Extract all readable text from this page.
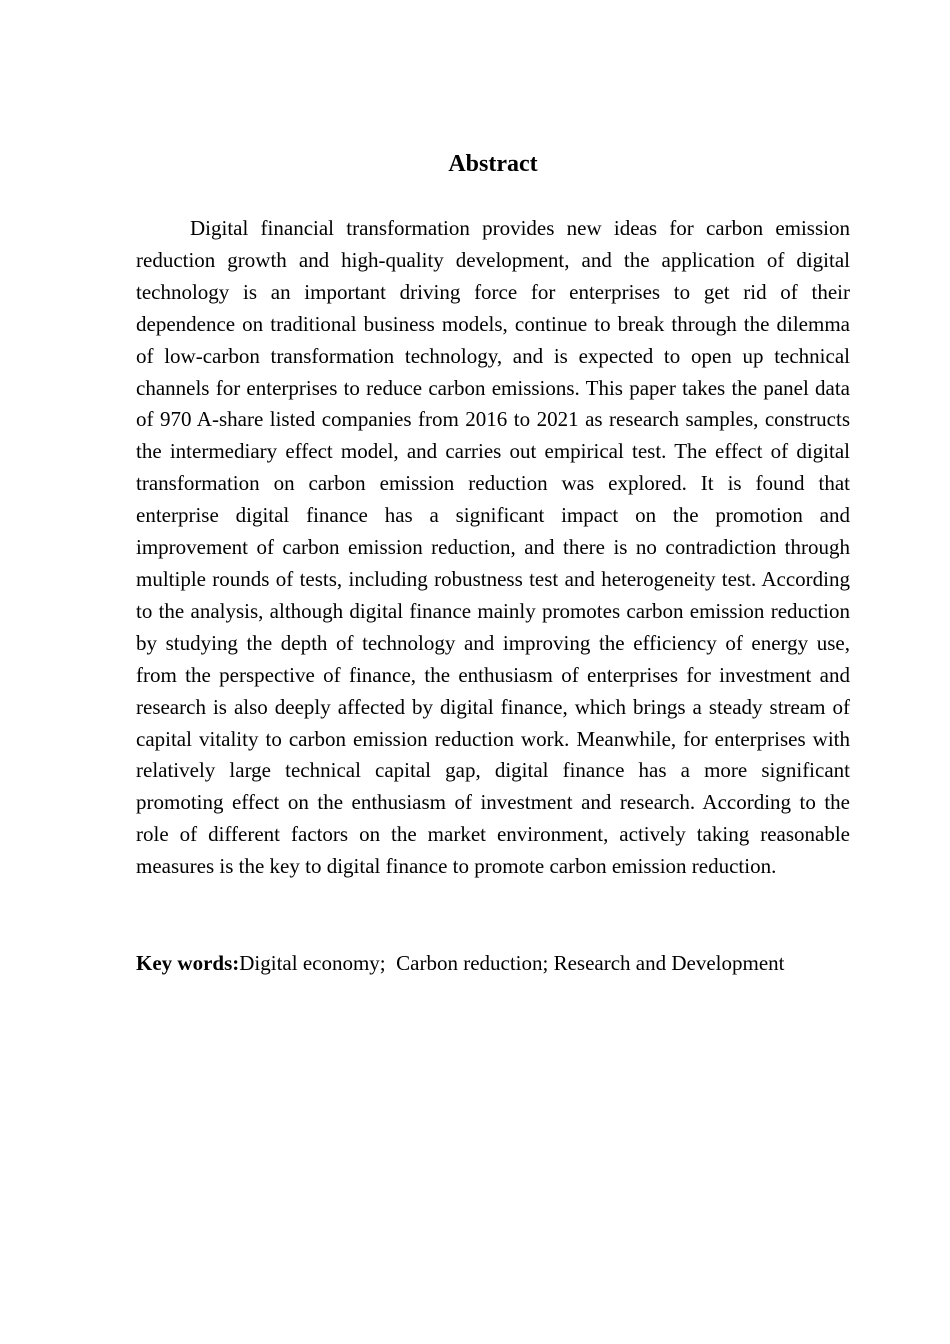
Abstract

Digital financial transformation provides new ideas for carbon emission reduction growth and high-quality development, and the application of digital technology is an important driving force for enterprises to get rid of their dependence on traditional business models, continue to break through the dilemma of low-carbon transformation technology, and is expected to open up technical channels for enterprises to reduce carbon emissions. This paper takes the panel data of 970 A-share listed companies from 2016 to 2021 as research samples, constructs the intermediary effect model, and carries out empirical test. The effect of digital transformation on carbon emission reduction was explored. It is found that enterprise digital finance has a significant impact on the promotion and improvement of carbon emission reduction, and there is no contradiction through multiple rounds of tests, including robustness test and heterogeneity test. According to the analysis, although digital finance mainly promotes carbon emission reduction by studying the depth of technology and improving the efficiency of energy use, from the perspective of finance, the enthusiasm of enterprises for investment and research is also deeply affected by digital finance, which brings a steady stream of capital vitality to carbon emission reduction work. Meanwhile, for enterprises with relatively large technical capital gap, digital finance has a more significant promoting effect on the enthusiasm of investment and research. According to the role of different factors on the market environment, actively taking reasonable measures is the key to digital finance to promote carbon emission reduction.

Key words:Digital economy;  Carbon reduction; Research and Development
